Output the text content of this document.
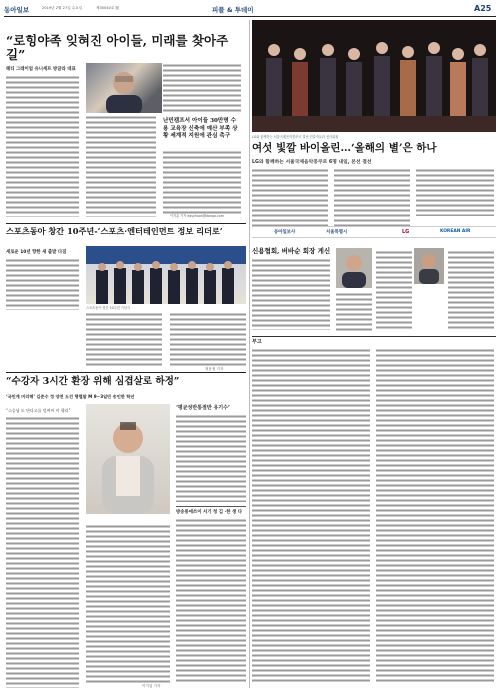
동아일보	2019년 2월 27일 수요일	제30040호 版	피플 & 투데이	A25
“로힝야족 잊혀진 아이들, 미래를 찾아주길”
헤티 그레이엄 유니세프 방글라 대표
난민캠프서 아이들 30만명 수용 교육장 신축에 예산 부족 상황 세계적 지원에 관심 촉구
이지훈 기자 easyhoon@donga.com
LG와 함께하는 서울국제음악콩쿠르 결선 진출자들과 심사위원
여섯 빛깔 바이올린…‘올해의 별’은 하나
LG와 함께하는 서울국제음악콩쿠르 6명 내일, 본선 결선
동아일보사	서울특별시	LG	KOREAN AIR
스포츠동아 창간 10주년-‘스포츠·엔터테인먼트 정보 리더로’
새로운 10년 향한 새 출발 다짐
스포츠동아 창간 10주년 기념식
정윤철 기자
신용협회, 버바순 회장 게신
부고
“수강자 3시간 환장 위해 심겹살로 하정”
‘국민계 머리해’ 김준수 정 양천 도건 행렬말 M 9~3일만 송인한 학년
“스승님 도 단다고를 덮여씨 이 행리”
이기업 기자
‘평균성반통점반 유기수’
방송통에쓰이 서기 청 김 ·한 생 다
